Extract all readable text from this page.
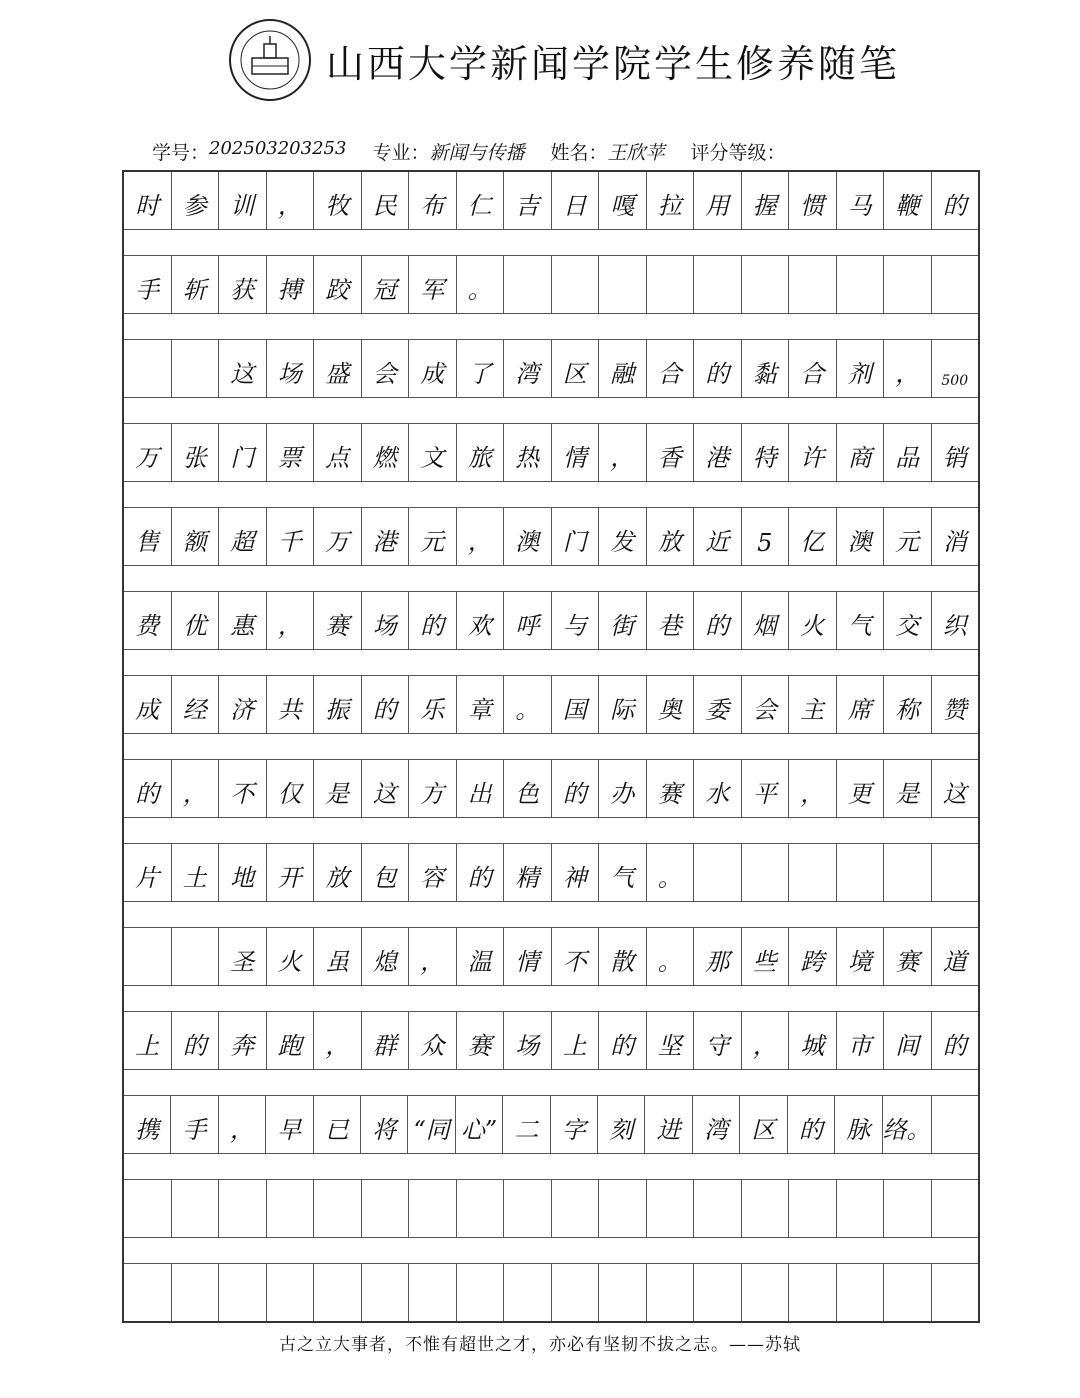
山西大学新闻学院学生修养随笔
学号： 202503203253 专业： 新闻与传播 姓名： 王欣苹 评分等级：
时 参 训 ， 牧 民 布 仁 吉 日 嘎 拉 用 握 惯 马 鞭 的
手 斩 获 搏 跤 冠 军 。
这 场 盛 会 成 了 湾 区 融 合 的 黏 合 剂 ，	500
万 张 门 票 点 燃 文 旅 热 情 ， 香 港 特 许 商 品 销
售 额 超 千 万 港 元 ， 澳 门 发 放 近	5	亿 澳 元 消
费 优 惠 ， 赛 场 的 欢 呼 与 街 巷 的 烟 火 气 交 织
成 经 济 共 振 的 乐 章 。 国 际 奥 委 会 主 席 称 赞
的 ， 不 仅 是 这 方 出 色 的 办 赛 水 平 ， 更 是 这
片 土 地 开 放 包 容 的 精 神 气 。
圣 火 虽 熄 ， 温 情 不 散 。 那 些 跨 境 赛 道
上 的 奔 跑 ， 群 众 赛 场 上 的 坚 守 ， 城 市 间 的
携 手 ， 早 已 将 “同 心” 二 字 刻 进 湾 区 的 脉 络。
古之立大事者，不惟有超世之才，亦必有坚韧不拔之志。——苏轼
